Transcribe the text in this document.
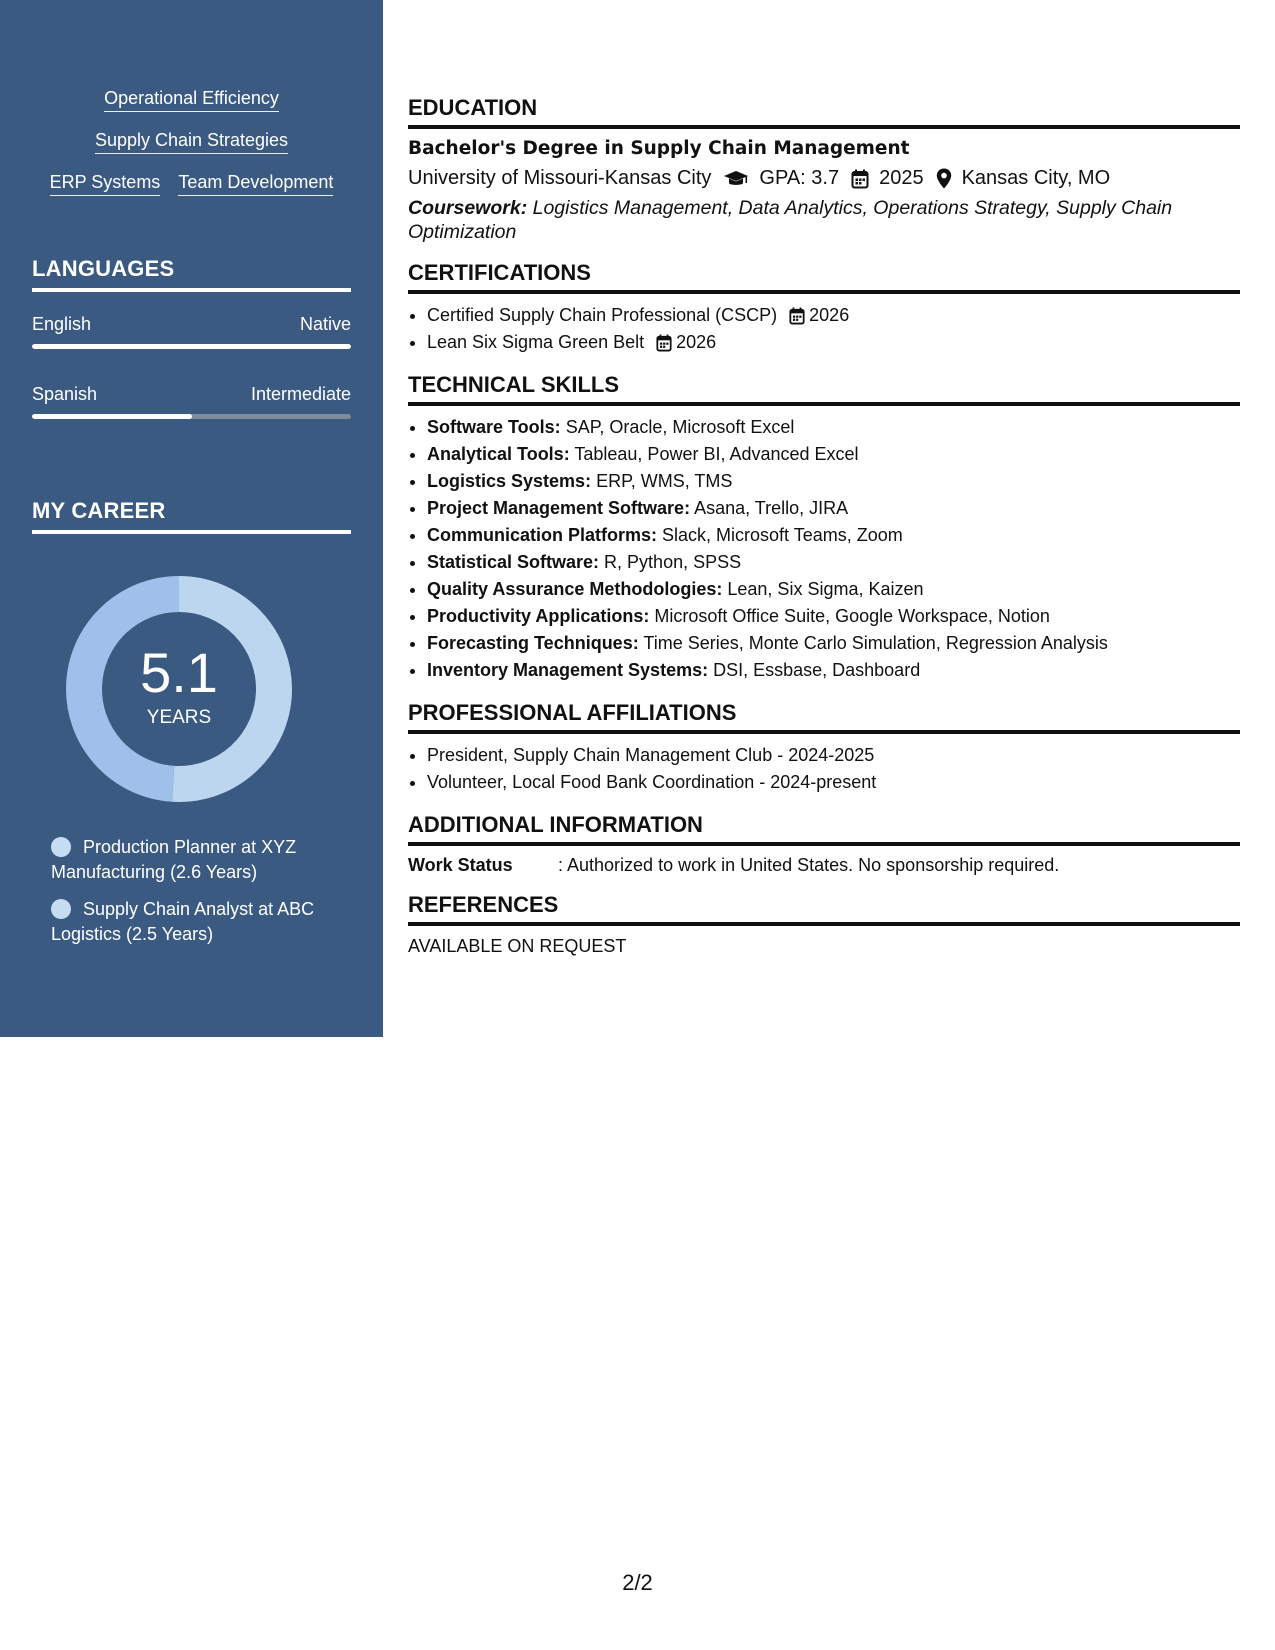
Operational Efficiency
Supply Chain Strategies
ERP Systems Team Development
LANGUAGES
English	Native
Spanish	Intermediate
MY CAREER
5.1
YEARS
Production Planner at XYZ Manufacturing (2.6 Years)
Supply Chain Analyst at ABC Logistics (2.5 Years)
EDUCATION
Bachelor's Degree in Supply Chain Management
University of Missouri-Kansas City GPA: 3.7 2025 Kansas City, MO
Coursework: Logistics Management, Data Analytics, Operations Strategy, Supply Chain Optimization
CERTIFICATIONS
• Certified Supply Chain Professional (CSCP) 2026
• Lean Six Sigma Green Belt 2026
TECHNICAL SKILLS
• Software Tools: SAP, Oracle, Microsoft Excel
• Analytical Tools: Tableau, Power BI, Advanced Excel
• Logistics Systems: ERP, WMS, TMS
• Project Management Software: Asana, Trello, JIRA
• Communication Platforms: Slack, Microsoft Teams, Zoom
• Statistical Software: R, Python, SPSS
• Quality Assurance Methodologies: Lean, Six Sigma, Kaizen
• Productivity Applications: Microsoft Office Suite, Google Workspace, Notion
• Forecasting Techniques: Time Series, Monte Carlo Simulation, Regression Analysis
• Inventory Management Systems: DSI, Essbase, Dashboard
PROFESSIONAL AFFILIATIONS
• President, Supply Chain Management Club - 2024-2025
• Volunteer, Local Food Bank Coordination - 2024-present
ADDITIONAL INFORMATION
Work Status	: Authorized to work in United States. No sponsorship required.
REFERENCES
AVAILABLE ON REQUEST
2/2
